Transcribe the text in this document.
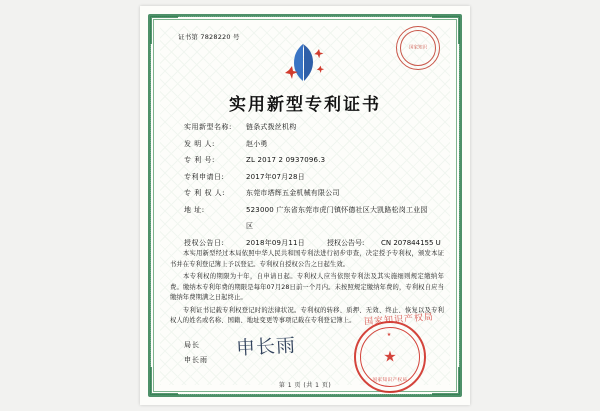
证书第 7828220 号
国家知识
实用新型专利证书
实用新型名称:	链条式拨丝机构
发 明 人:	赵小勇
专 利 号:	ZL 2017 2 0937096.3
专利申请日:	2017年07月28日
专 利 权 人:	东莞市塔辉五金机械有限公司
地 址:	523000 广东省东莞市虎门镇怀德社区大凯路松岗工业园
区
授权公告日:	2018年09月11日	授权公告号:	CN 207844155 U

本实用新型经过本局依照中华人民共和国专利法进行初步审查，决定授予专利权，颁发本证书并在专利登记簿上予以登记。专利权自授权公告之日起生效。

本专利权的期限为十年，自申请日起。专利权人应当依照专利法及其实施细则规定缴纳年费。缴纳本专利年费的期限是每年07月28日前一个月内。未按照规定缴纳年费的，专利权自应当缴纳年费期满之日起终止。

专利证书记载专利权登记时的法律状况。专利权的转移、质押、无效、终止、恢复以及专利权人的姓名或名称、国籍、地址变更等事项记载在专利登记簿上。

局长
申长雨
申长雨
国家知识产权局
★
★
国家知识产权局
第 1 页 (共 1 页)
